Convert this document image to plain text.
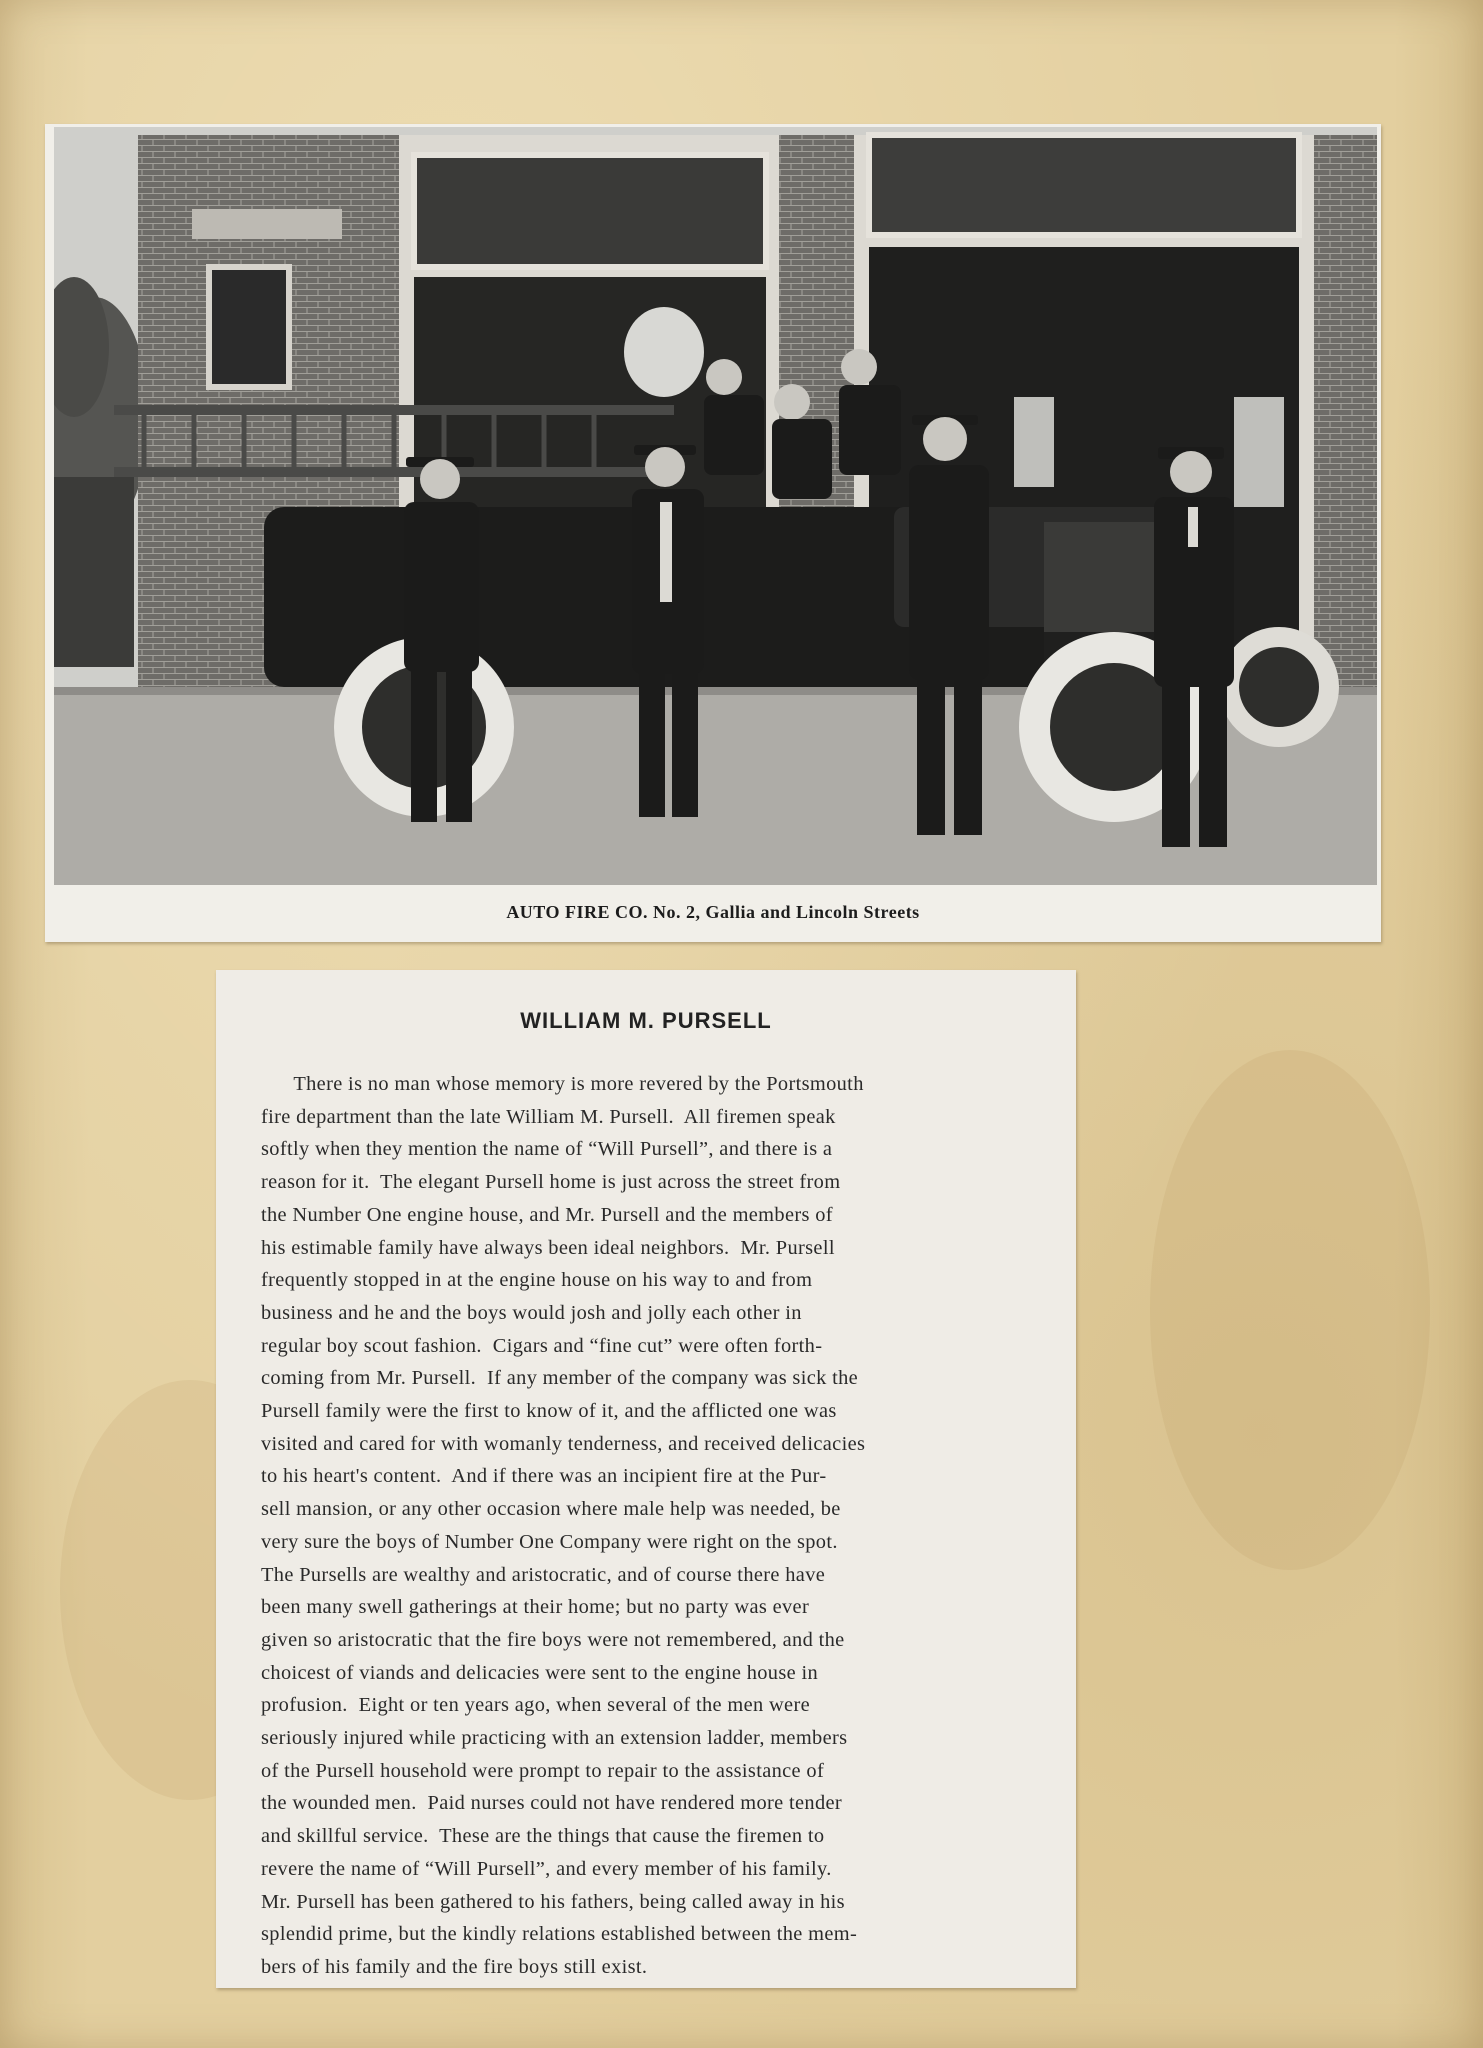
AUTO FIRE CO. No. 2, Gallia and Lincoln Streets
WILLIAM M. PURSELL

There is no man whose memory is more revered by the Portsmouth
fire department than the late William M. Pursell.  All firemen speak
softly when they mention the name of “Will Pursell”, and there is a
reason for it.  The elegant Pursell home is just across the street from
the Number One engine house, and Mr. Pursell and the members of
his estimable family have always been ideal neighbors.  Mr. Pursell
frequently stopped in at the engine house on his way to and from
business and he and the boys would josh and jolly each other in
regular boy scout fashion.  Cigars and “fine cut” were often forth-
coming from Mr. Pursell.  If any member of the company was sick the
Pursell family were the first to know of it, and the afflicted one was
visited and cared for with womanly tenderness, and received delicacies
to his heart's content.  And if there was an incipient fire at the Pur-
sell mansion, or any other occasion where male help was needed, be
very sure the boys of Number One Company were right on the spot.
The Pursells are wealthy and aristocratic, and of course there have
been many swell gatherings at their home; but no party was ever
given so aristocratic that the fire boys were not remembered, and the
choicest of viands and delicacies were sent to the engine house in
profusion.  Eight or ten years ago, when several of the men were
seriously injured while practicing with an extension ladder, members
of the Pursell household were prompt to repair to the assistance of
the wounded men.  Paid nurses could not have rendered more tender
and skillful service.  These are the things that cause the firemen to
revere the name of “Will Pursell”, and every member of his family.
Mr. Pursell has been gathered to his fathers, being called away in his
splendid prime, but the kindly relations established between the mem-
bers of his family and the fire boys still exist.
